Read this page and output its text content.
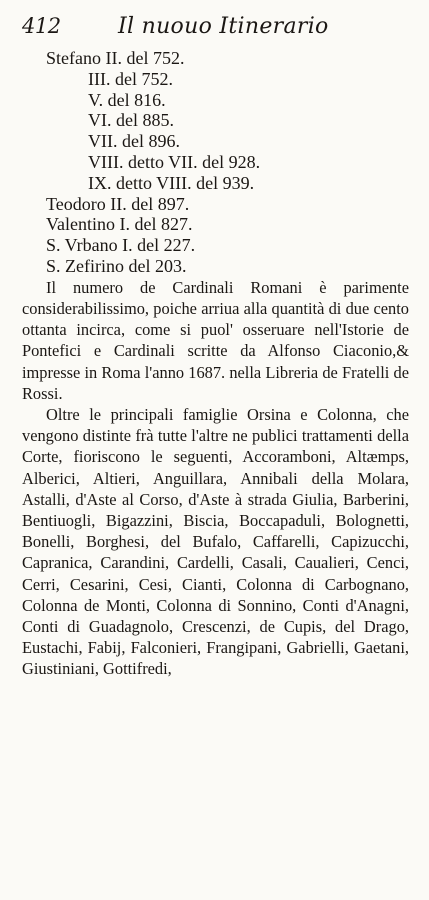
412	Il nuouo Itinerario
Stefano II. del 752.
III. del 752.
V. del 816.
VI. del 885.
VII. del 896.
VIII. detto VII. del 928.
IX. detto VIII. del 939.
Teodoro II. del 897.
Valentino I. del 827.
S. Vrbano I. del 227.
S. Zefirino del 203.

Il numero de Cardinali Romani è parimente considerabilissimo, poiche arriua alla quantità di due cento ottanta incirca, come si puol' osseruare nell'Istorie de Pontefici e Cardinali scritte da Alfonso Ciaconio,& impresse in Roma l'anno 1687. nella Libreria de Fratelli de Rossi.

Oltre le principali famiglie Orsina e Colonna, che vengono distinte frà tutte l'altre ne publici trattamenti della Corte, fioriscono le seguenti, Accoramboni, Altæmps, Alberici, Altieri, Anguillara, Annibali della Molara, Astalli, d'Aste al Corso, d'Aste à strada Giulia, Barberini, Bentiuogli, Bigazzini, Biscia, Boccapaduli, Bolognetti, Bonelli, Borghesi, del Bufalo, Caffarelli, Capizucchi, Capranica, Carandini, Cardelli, Casali, Caualieri, Cenci, Cerri, Cesarini, Cesi, Cianti, Colonna di Carbognano, Colonna de Monti, Colonna di Sonnino, Conti d'Anagni, Conti di Guadagnolo, Crescenzi, de Cupis, del Drago, Eustachi, Fabij, Falconieri, Frangipani, Gabrielli, Gaetani, Giustiniani, Gottifredi,
